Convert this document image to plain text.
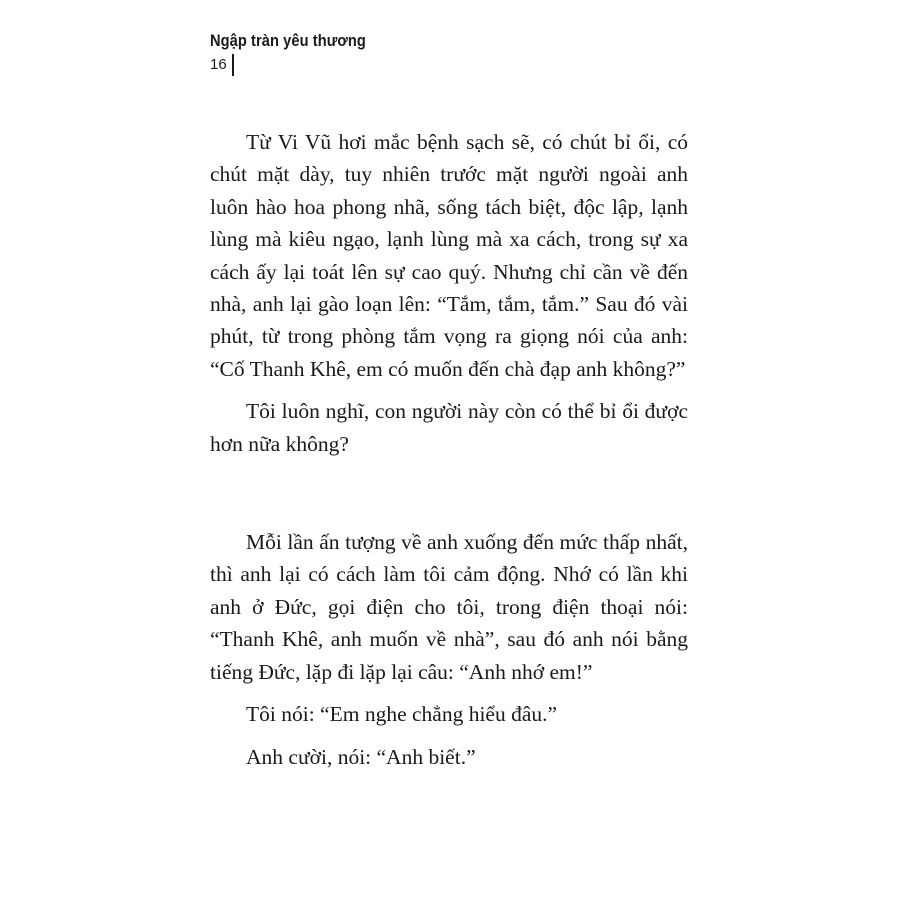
Ngập tràn yêu thương
16

Từ Vi Vũ hơi mắc bệnh sạch sẽ, có chút bỉ ổi, có chút mặt dày, tuy nhiên trước mặt người ngoài anh luôn hào hoa phong nhã, sống tách biệt, độc lập, lạnh lùng mà kiêu ngạo, lạnh lùng mà xa cách, trong sự xa cách ấy lại toát lên sự cao quý. Nhưng chỉ cần về đến nhà, anh lại gào loạn lên: “Tắm, tắm, tắm.” Sau đó vài phút, từ trong phòng tắm vọng ra giọng nói của anh: “Cố Thanh Khê, em có muốn đến chà đạp anh không?”

Tôi luôn nghĩ, con người này còn có thể bỉ ổi được hơn nữa không?

Mỗi lần ấn tượng về anh xuống đến mức thấp nhất, thì anh lại có cách làm tôi cảm động. Nhớ có lần khi anh ở Đức, gọi điện cho tôi, trong điện thoại nói: “Thanh Khê, anh muốn về nhà”, sau đó anh nói bằng tiếng Đức, lặp đi lặp lại câu: “Anh nhớ em!”

Tôi nói: “Em nghe chẳng hiểu đâu.”

Anh cười, nói: “Anh biết.”
